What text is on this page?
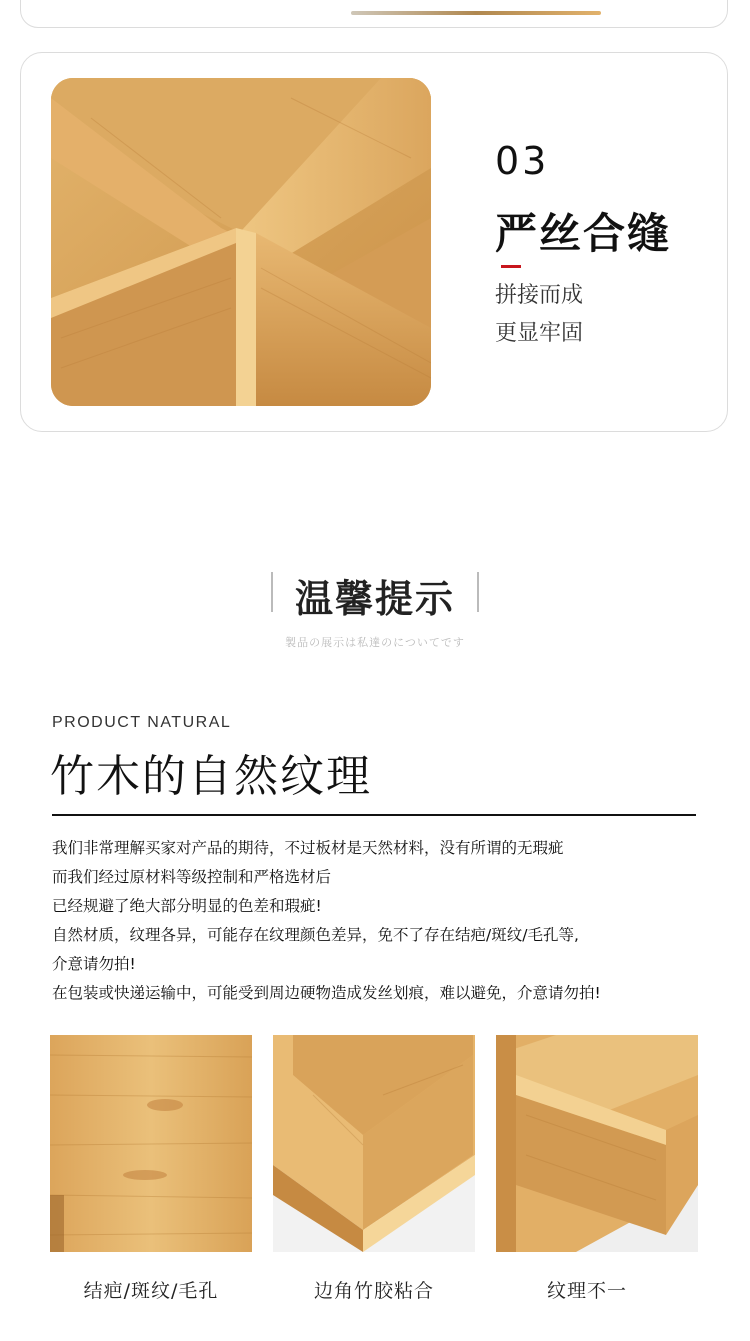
03
严丝合缝
拼接而成
更显牢固
温馨提示
製品の展示は私達のについてです
PRODUCT NATURAL
竹木的自然纹理
我们非常理解买家对产品的期待，不过板材是天然材料，没有所谓的无瑕疵
而我们经过原材料等级控制和严格选材后
已经规避了绝大部分明显的色差和瑕疵!
自然材质，纹理各异，可能存在纹理颜色差异，免不了存在结疤/斑纹/毛孔等,
介意请勿拍!
在包装或快递运输中，可能受到周边硬物造成发丝划痕，难以避免，介意请勿拍!
结疤/斑纹/毛孔	边角竹胶粘合	纹理不一
